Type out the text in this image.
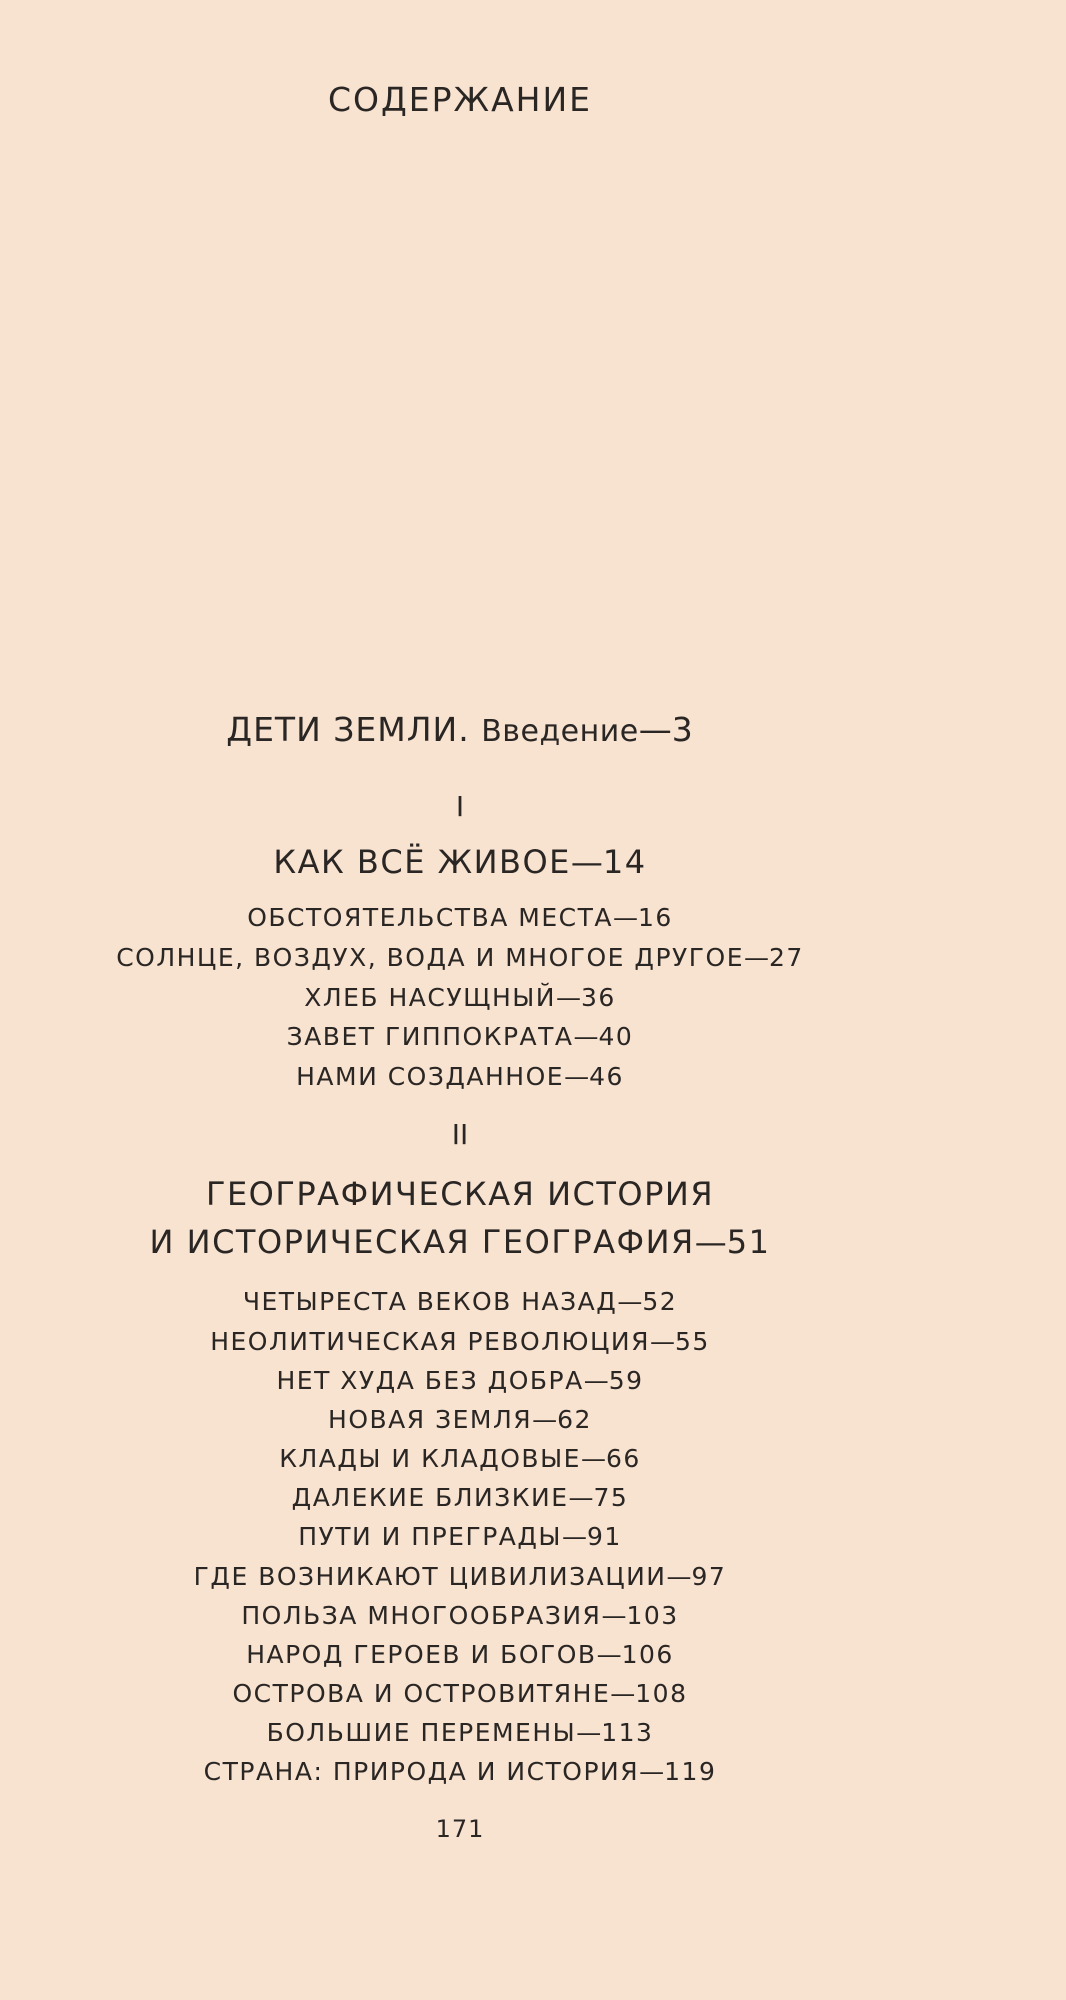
СОДЕРЖАНИЕ
ДЕТИ ЗЕМЛИ. Введение—3
I
КАК ВСЁ ЖИВОЕ—14
ОБСТОЯТЕЛЬСТВА МЕСТА—16
СОЛНЦЕ, ВОЗДУХ, ВОДА И МНОГОЕ ДРУГОЕ—27
ХЛЕБ НАСУЩНЫЙ—36
ЗАВЕТ ГИППОКРАТА—40
НАМИ СОЗДАННОЕ—46
II
ГЕОГРАФИЧЕСКАЯ ИСТОРИЯ
И ИСТОРИЧЕСКАЯ ГЕОГРАФИЯ—51
ЧЕТЫРЕСТА ВЕКОВ НАЗАД—52
НЕОЛИТИЧЕСКАЯ РЕВОЛЮЦИЯ—55
НЕТ ХУДА БЕЗ ДОБРА—59
НОВАЯ ЗЕМЛЯ—62
КЛАДЫ И КЛАДОВЫЕ—66
ДАЛЕКИЕ БЛИЗКИЕ—75
ПУТИ И ПРЕГРАДЫ—91
ГДЕ ВОЗНИКАЮТ ЦИВИЛИЗАЦИИ—97
ПОЛЬЗА МНОГООБРАЗИЯ—103
НАРОД ГЕРОЕВ И БОГОВ—106
ОСТРОВА И ОСТРОВИТЯНЕ—108
БОЛЬШИЕ ПЕРЕМЕНЫ—113
СТРАНА: ПРИРОДА И ИСТОРИЯ—119
171
